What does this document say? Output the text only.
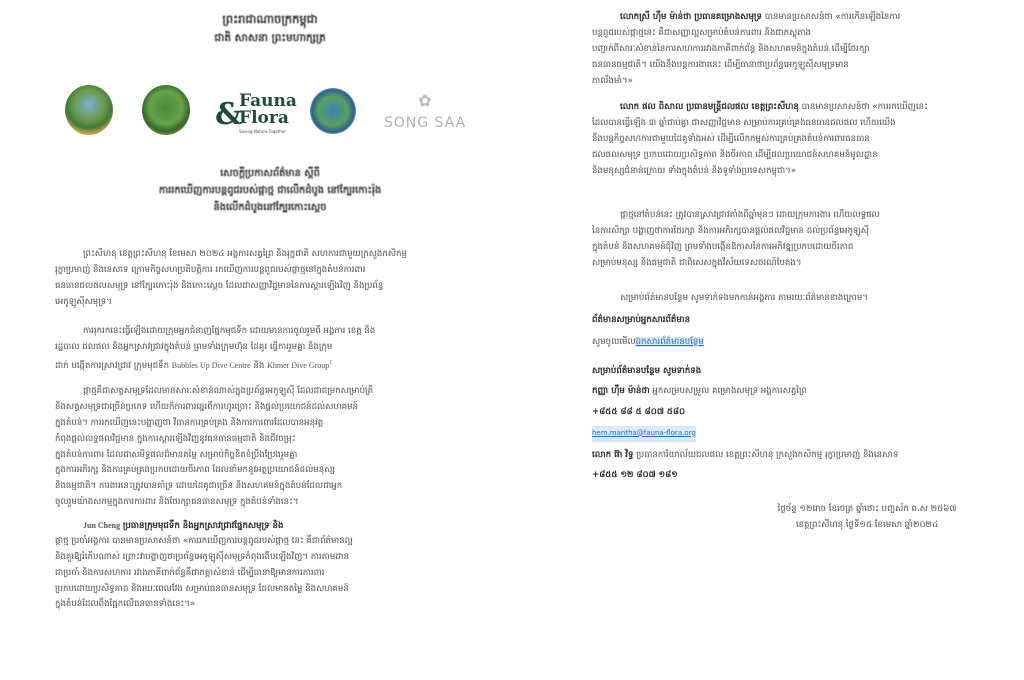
ព្រះរាជាណាចក្រកម្ពុជា
ជាតិ សាសនា ព្រះមហាក្សត្រ
&
Fauna
Flora
Saving Nature Together
✿
SONG SAA
សេចក្ដីប្រកាសព័ត៌មាន ស្ដីពី
ការរកឃើញការបន្តពូជរបស់ផ្កាថ្ម ជាលើកដំបូង នៅក្បែរកោះរ៉ុង
និងលើកដំបូងនៅក្បែរកោះស្ដេច
ព្រះសីហនុ ខេត្តព្រះសីហនុ ខែមេសា ២០២៤ អង្គការសត្វព្រៃ និងរុក្ខជាតិ សហការជាមួយក្រសួងកសិកម្ម
រុក្ខាប្រមាញ់ និងនេសាទ ក្រោមកិច្ចសហប្រតិបត្តិការ រកឃើញការបន្តពូជរបស់ផ្កាថ្មនៅក្នុងតំបន់ការពារ
ធនធានជលផលសមុទ្រ នៅក្បែរកោះរ៉ុង និងកោះស្ដេច ដែលជាសញ្ញាវិជ្ជមាននៃការស្ដារឡើងវិញ និងប្រព័ន្ធ
អេកូឡូស៊ីសមុទ្រ។
ការរុករកនេះធ្វើឡើងដោយក្រុមអ្នកជំនាញផ្នែកមុជទឹក ដោយមានការចូលរួមពី អង្គការ ខេត្ត និង
រដ្ឋបាល ជលផល និងអ្នកស្រាវជ្រាវក្នុងតំបន់ ព្រមទាំងក្រុមហ៊ុន ដៃគូរ ធ្វើការរួមគ្នា និងក្រុម
ដាក់ បង្កើតការស្រាវជ្រាវ ក្រុមមុជទឹក Bubbles Up Dive Centre និង Khmer Dive Group$^1$
ផ្កាថ្មគឺជាសត្វសមុទ្រដែលមានសារៈសំខាន់ណាស់ក្នុងប្រព័ន្ធអេកូឡូស៊ី ដែលជាជម្រកសម្រាប់ត្រី
និងសត្វសមុទ្រជាច្រើនប្រភេទ ហើយក៏ការពារឆ្នេរពីការហូរច្រោះ និងផ្ដល់ប្រយោជន៍ដល់សហគមន៍
ក្នុងតំបន់។ ការរកឃើញនេះបង្ហាញថា វិធានការគ្រប់គ្រង និងការការពារដែលបានអនុវត្ត
កំពុងផ្ដល់លទ្ធផលវិជ្ជមាន ក្នុងការស្ដារឡើងវិញនូវធនធានធម្មជាតិ និងជីវចម្រុះ
ក្នុងតំបន់ការពារ ដែលជាសមិទ្ធផលដ៏មានតម្លៃ សម្រាប់កិច្ចខិតខំប្រឹងប្រែងរួមគ្នា
ក្នុងការអភិរក្ស និងការគ្រប់គ្រងប្រកបដោយចីរភាព ដែលនាំមកនូវអត្ថប្រយោជន៍ដល់មនុស្ស
និងធម្មជាតិ។ ការងារនេះត្រូវបានគាំទ្រ ដោយដៃគូជាច្រើន និងសហគមន៍ក្នុងតំបន់ដែលជាអ្នក
ចូលរួមយ៉ាងសកម្មក្នុងការការពារ និងថែរក្សាធនធានសមុទ្រ ក្នុងតំបន់ទាំងនេះ។
Jun Cheng ប្រធានក្រុមមុជទឹក និងអ្នកស្រាវជ្រាវផ្នែកសមុទ្រ និង
ផ្កាថ្ម ប្រចាំអង្គការ បានមានប្រសាសន៍ថា «ការរកឃើញការបន្តពូជរបស់ផ្កាថ្ម នេះ គឺជាព័ត៌មានល្អ
និងគួរឱ្យរំភើបណាស់ ព្រោះវាបង្ហាញថាប្រព័ន្ធអេកូឡូស៊ីសមុទ្រកំពុងងើបឡើងវិញ។ ការតាមដាន
ជាប្រចាំ និងការសហការ រវាងភាគីពាក់ព័ន្ធគឺជាកត្តាសំខាន់ ដើម្បីធានាឱ្យមានការការពារ
ប្រកបដោយប្រសិទ្ធភាព និងរយៈពេលវែង សម្រាប់ធនធានសមុទ្រ ដែលមានតម្លៃ និងសហគមន៍
ក្នុងតំបន់ដែលពឹងផ្អែកលើធនធានទាំងនេះ។»
លោកស្រី ហ៊ឹម ម៉ាន់ថា ប្រធានគម្រោងសមុទ្រ បានមានប្រសាសន៍ថា «ការកើនឡើងនៃការ
បន្តពូជរបស់ផ្កាថ្មនេះ គឺជាសញ្ញាល្អសម្រាប់តំបន់ការពារ និងជាភស្តុតាង
បញ្ជាក់ពីសារៈសំខាន់នៃការសហការរវាងភាគីពាក់ព័ន្ធ និងសហគមន៍ក្នុងតំបន់ ដើម្បីថែរក្សា
ធនធានធម្មជាតិ។ យើងនឹងបន្តការងារនេះ ដើម្បីធានាថាប្រព័ន្ធអេកូឡូស៊ីសមុទ្រមាន
ភាពរឹងមាំ។»
លោក ផល ពិសាល ប្រធានមន្ត្រីជលផល ខេត្តព្រះសីហនុ បានមានប្រសាសន៍ថា «ការរកឃើញនេះ
ដែលបានធ្វើឡើង ៣ ឆ្នាំជាប់គ្នា ជាសញ្ញាវិជ្ជមាន សម្រាប់ការគ្រប់គ្រងធនធានជលផល ហើយយើង
នឹងបន្តកិច្ចសហការជាមួយដៃគូទាំងអស់ ដើម្បីលើកកម្ពស់ការគ្រប់គ្រងតំបន់ការពារធនធាន
ជលផលសមុទ្រ ប្រកបដោយប្រសិទ្ធភាព និងចីរភាព ដើម្បីផលប្រយោជន៍សហគមន៍មូលដ្ឋាន
និងមនុស្សជំនាន់ក្រោយ ទាំងក្នុងតំបន់ និងទូទាំងប្រទេសកម្ពុជា។»
ផ្កាថ្មនៅតំបន់នេះ ត្រូវបានស្រាវជ្រាវតាំងពីឆ្នាំមុនៗ ដោយក្រុមការងារ ហើយលទ្ធផល
នៃការសិក្សា បង្ហាញថាការថែរក្សា និងការអភិរក្សបានផ្ដល់ផលវិជ្ជមាន ដល់ប្រព័ន្ធអេកូឡូស៊ី
ក្នុងតំបន់ និងសហគមន៍ជុំវិញ ព្រមទាំងបង្កើនឱកាសនៃការអភិវឌ្ឍប្រកបដោយចីរភាព
សម្រាប់មនុស្ស និងធម្មជាតិ ជាពិសេសក្នុងវិស័យទេសចរណ៍បៃតង។
សម្រាប់ព័ត៌មានបន្ថែម សូមទាក់ទងមកកាន់អង្គការ តាមរយៈព័ត៌មានខាងក្រោម។
ព័ត៌មានសម្រាប់អ្នកសារព័ត៌មាន
សូមចូលមើលឯកសារព័ត៌មានបន្ថែម
សម្រាប់ព័ត៌មានបន្ថែម សូមទាក់ទង
កញ្ញា ហ៊ឹម ម៉ាន់ថា អ្នកសម្របសម្រួល គម្រោងសមុទ្រ អង្គការសត្វព្រៃ
+៨៥៥ ៨៨ ៥ ៨០៧ ៥៨០
hem.mantha@fauna-flora.org
លោក ផ៊ា វិទ្ធ ប្រធានការិយាល័យជលផល ខេត្តព្រះសីហនុ ក្រសួងកសិកម្ម រុក្ខាប្រមាញ់ និងនេសាទ
+៨៥៥ ១២ ៨០៧ ១៨១
ថ្ងៃច័ន្ទ ១២រោច ខែចេត្រ ឆ្នាំថោះ បញ្ចស័ក ព.ស ២៥៦៧
ខេត្តព្រះសីហនុ ថ្ងៃទី១៥ ខែមេសា ឆ្នាំ២០២៤
